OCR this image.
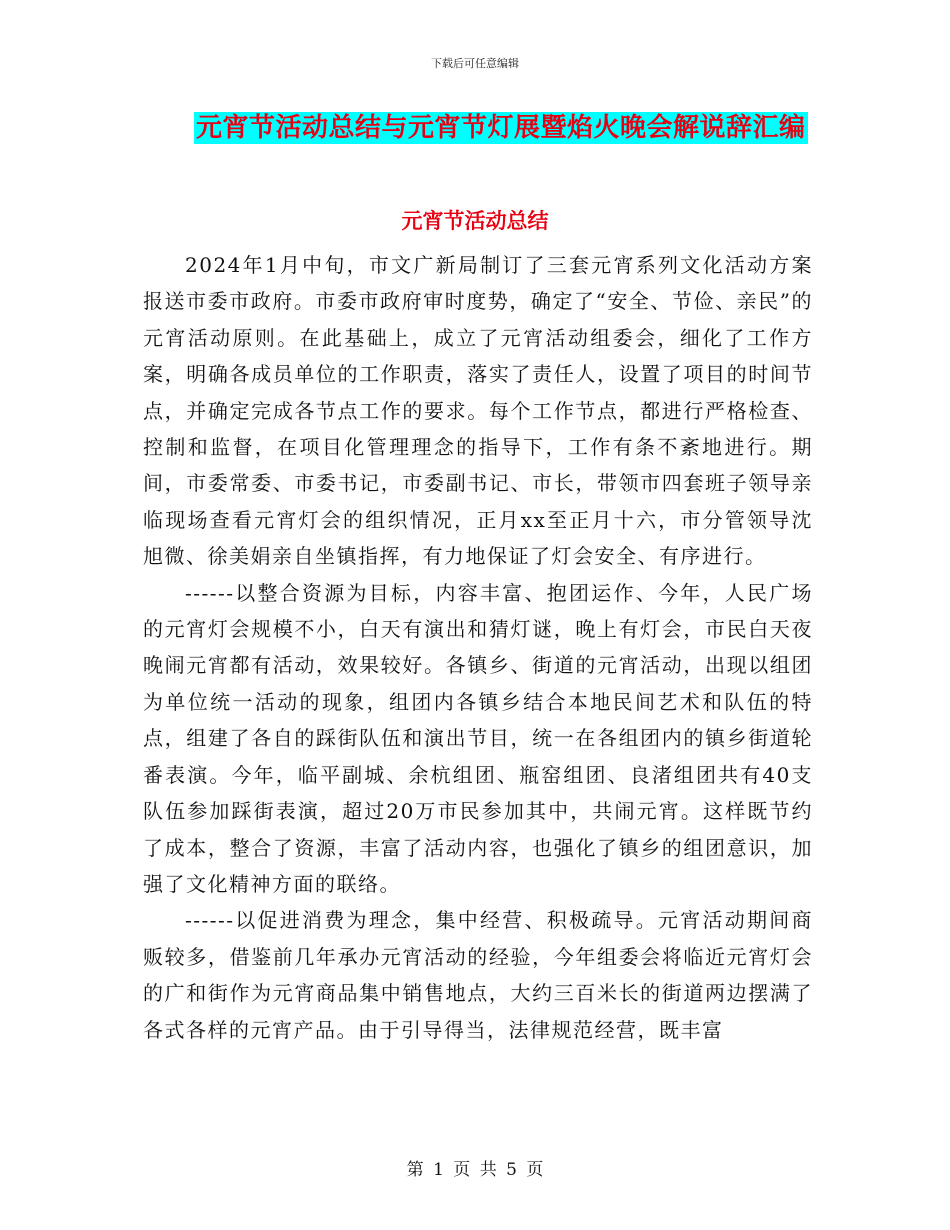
下载后可任意编辑
元宵节活动总结与元宵节灯展暨焰火晚会解说辞汇编
元宵节活动总结

2024年1月中旬，市文广新局制订了三套元宵系列文化活动方案报送市委市政府。市委市政府审时度势，确定了“安全、节俭、亲民”的元宵活动原则。在此基础上，成立了元宵活动组委会，细化了工作方案，明确各成员单位的工作职责，落实了责任人，设置了项目的时间节点，并确定完成各节点工作的要求。每个工作节点，都进行严格检查、控制和监督，在项目化管理理念的指导下，工作有条不紊地进行。期间，市委常委、市委书记，市委副书记、市长，带领市四套班子领导亲临现场查看元宵灯会的组织情况，正月xx至正月十六，市分管领导沈旭微、徐美娟亲自坐镇指挥，有力地保证了灯会安全、有序进行。

------以整合资源为目标，内容丰富、抱团运作、今年，人民广场的元宵灯会规模不小，白天有演出和猜灯谜，晚上有灯会，市民白天夜晚闹元宵都有活动，效果较好。各镇乡、街道的元宵活动，出现以组团为单位统一活动的现象，组团内各镇乡结合本地民间艺术和队伍的特点，组建了各自的踩街队伍和演出节目，统一在各组团内的镇乡街道轮番表演。今年，临平副城、余杭组团、瓶窑组团、良渚组团共有40支队伍参加踩街表演，超过20万市民参加其中，共闹元宵。这样既节约了成本，整合了资源，丰富了活动内容，也强化了镇乡的组团意识，加强了文化精神方面的联络。

------以促进消费为理念，集中经营、积极疏导。元宵活动期间商贩较多，借鉴前几年承办元宵活动的经验，今年组委会将临近元宵灯会的广和街作为元宵商品集中销售地点，大约三百米长的街道两边摆满了各式各样的元宵产品。由于引导得当，法律规范经营，既丰富

第 1 页 共 5 页
